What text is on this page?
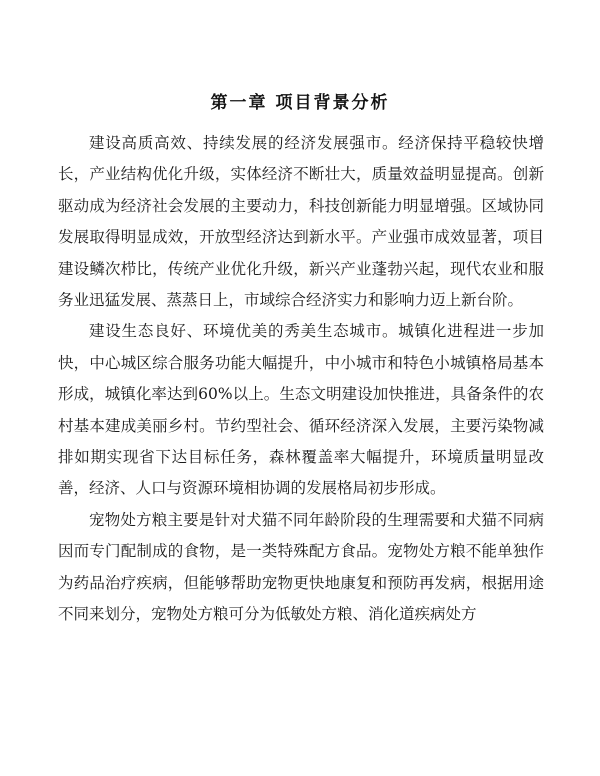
第一章 项目背景分析

建设高质高效、持续发展的经济发展强市。经济保持平稳较快增长，产业结构优化升级，实体经济不断壮大，质量效益明显提高。创新驱动成为经济社会发展的主要动力，科技创新能力明显增强。区域协同发展取得明显成效，开放型经济达到新水平。产业强市成效显著，项目建设鳞次栉比，传统产业优化升级，新兴产业蓬勃兴起，现代农业和服务业迅猛发展、蒸蒸日上，市域综合经济实力和影响力迈上新台阶。

建设生态良好、环境优美的秀美生态城市。城镇化进程进一步加快，中心城区综合服务功能大幅提升，中小城市和特色小城镇格局基本形成，城镇化率达到60%以上。生态文明建设加快推进，具备条件的农村基本建成美丽乡村。节约型社会、循环经济深入发展，主要污染物减排如期实现省下达目标任务，森林覆盖率大幅提升，环境质量明显改善，经济、人口与资源环境相协调的发展格局初步形成。

宠物处方粮主要是针对犬猫不同年龄阶段的生理需要和犬猫不同病因而专门配制成的食物，是一类特殊配方食品。宠物处方粮不能单独作为药品治疗疾病，但能够帮助宠物更快地康复和预防再发病，根据用途不同来划分，宠物处方粮可分为低敏处方粮、消化道疾病处方
